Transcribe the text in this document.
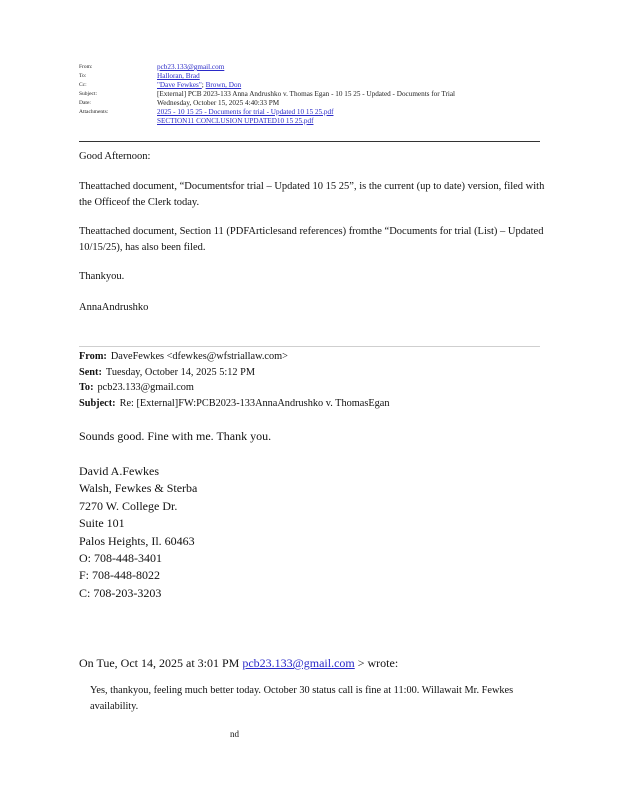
From:	pcb23.133@gmail.com
To:	Halloran, Brad
Cc:	"Dave Fewkes"; Brown, Don
Subject:	[External] PCB 2023-133 Anna Andrushko v. Thomas Egan - 10 15 25 - Updated - Documents for Trial
Date:	Wednesday, October 15, 2025 4:40:33 PM
Attachments:	2025 - 10 15 25 - Documents for trial - Updated 10 15 25.pdf
SECTION11 CONCLUSION UPDATED10 15 25.pdf
Good Afternoon:
Theattached document, “Documentsfor trial – Updated 10 15 25”, is the current (up to date) version, filed with the Officeof the Clerk today.
Theattached document, Section 11 (PDFArticlesand references) fromthe “Documents for trial (List) – Updated 10/15/25), has also been filed.
Thankyou.
AnnaAndrushko
From: DaveFewkes <dfewkes@wfstriallaw.com>
Sent: Tuesday, October 14, 2025 5:12 PM
To: pcb23.133@gmail.com
Subject: Re: [External]FW:PCB2023-133AnnaAndrushko v. ThomasEgan
Sounds good. Fine with me. Thank you.
David A.Fewkes
Walsh, Fewkes & Sterba
7270 W. College Dr.
Suite 101
Palos Heights, Il. 60463
O: 708-448-3401
F: 708-448-8022
C: 708-203-3203
On Tue, Oct 14, 2025 at 3:01 PM pcb23.133@gmail.com > wrote:
Yes, thankyou, feeling much better today. October 30 status call is fine at 11:00. Willawait Mr. Fewkes availability.
nd
